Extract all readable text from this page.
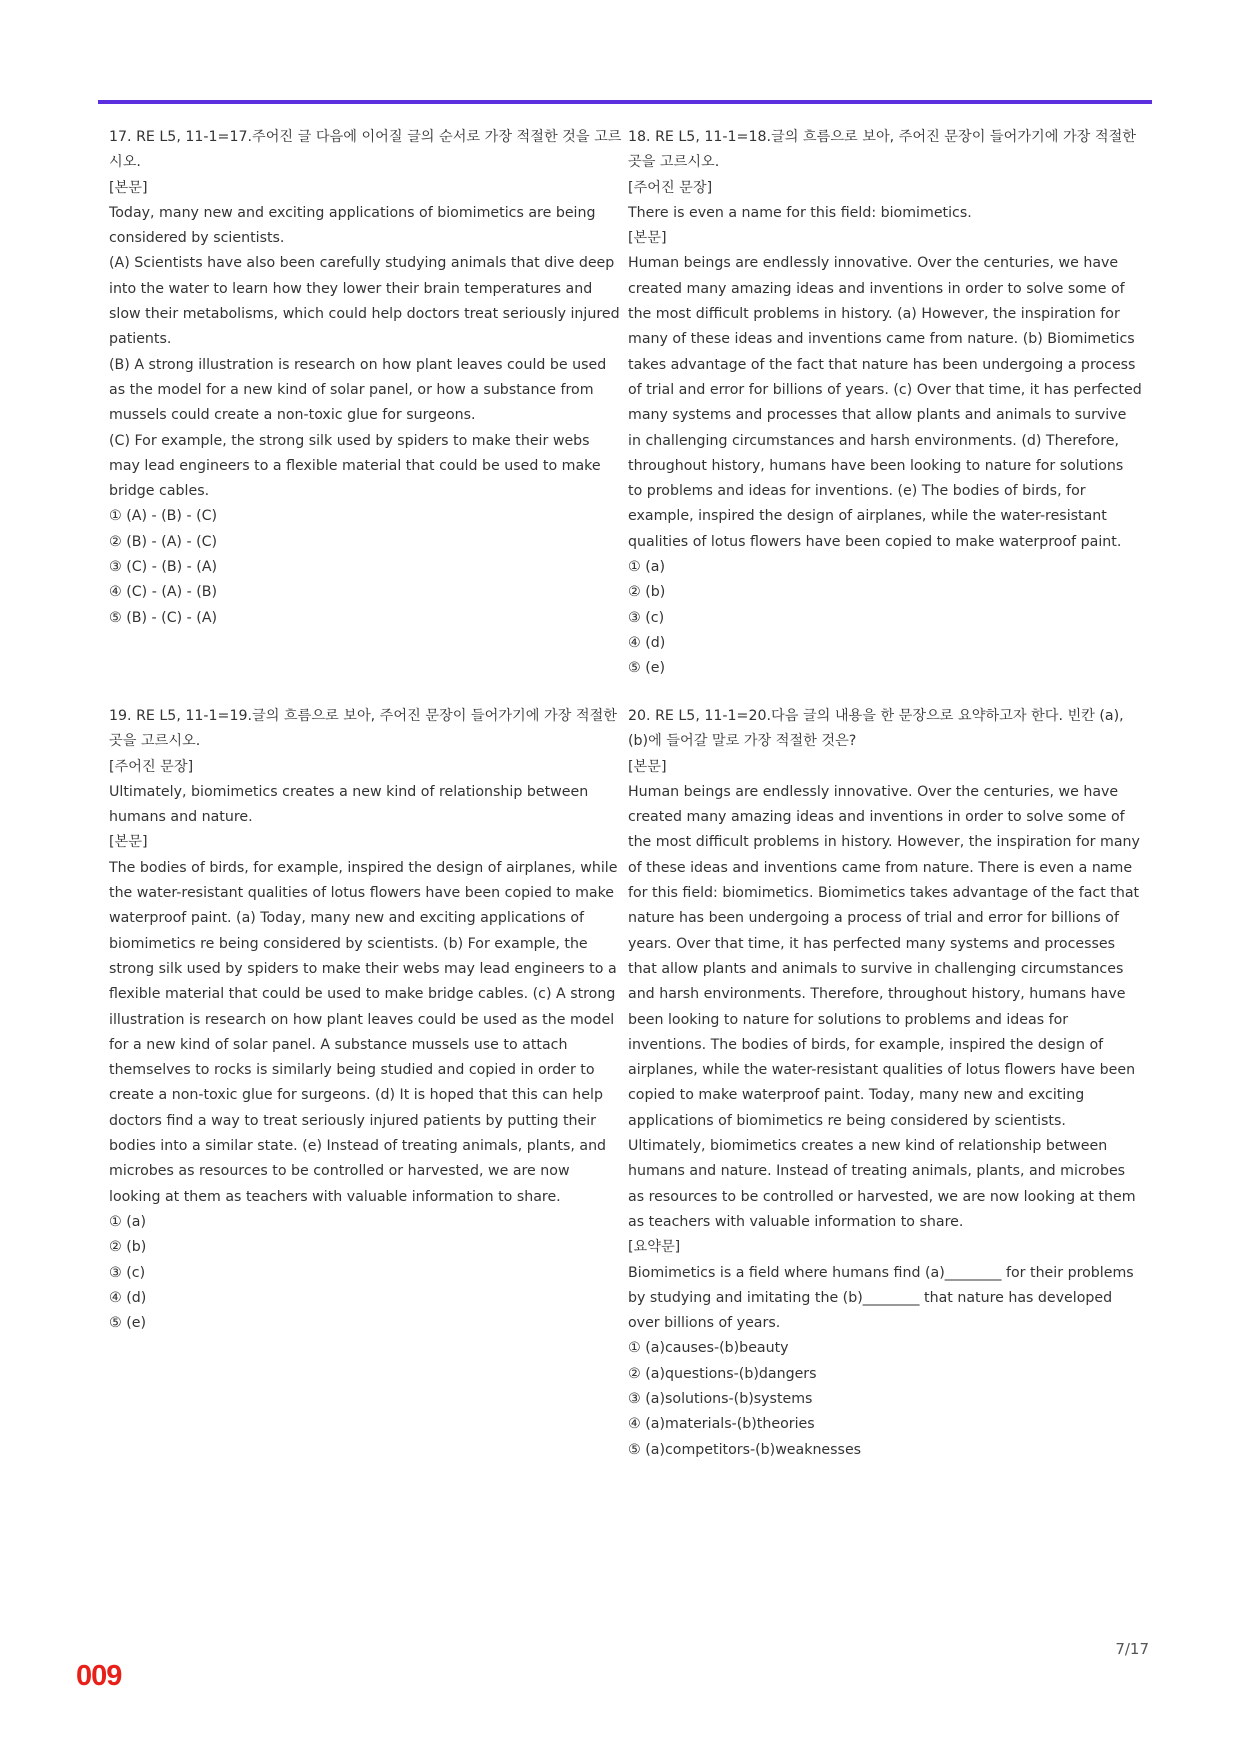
17. RE L5, 11-1=17.주어진 글 다음에 이어질 글의 순서로 가장 적절한 것을 고르시오.

[본문]

Today, many new and exciting applications of biomimetics are being considered by scientists.

(A) Scientists have also been carefully studying animals that dive deep into the water to learn how they lower their brain temperatures and slow their metabolisms, which could help doctors treat seriously injured patients.

(B) A strong illustration is research on how plant leaves could be used as the model for a new kind of solar panel, or how a substance from mussels could create a non-toxic glue for surgeons.

(C) For example, the strong silk used by spiders to make their webs may lead engineers to a flexible material that could be used to make bridge cables.

① (A) - (B) - (C)

② (B) - (A) - (C)

③ (C) - (B) - (A)

④ (C) - (A) - (B)

⑤ (B) - (C) - (A)

18. RE L5, 11-1=18.글의 흐름으로 보아, 주어진 문장이 들어가기에 가장 적절한 곳을 고르시오.

[주어진 문장]

There is even a name for this field: biomimetics.

[본문]

Human beings are endlessly innovative. Over the centuries, we have created many amazing ideas and inventions in order to solve some of the most difficult problems in history. (a) However, the inspiration for many of these ideas and inventions came from nature. (b) Biomimetics takes advantage of the fact that nature has been undergoing a process of trial and error for billions of years. (c) Over that time, it has perfected many systems and processes that allow plants and animals to survive in challenging circumstances and harsh environments. (d) Therefore, throughout history, humans have been looking to nature for solutions to problems and ideas for inventions. (e) The bodies of birds, for example, inspired the design of airplanes, while the water-resistant qualities of lotus flowers have been copied to make waterproof paint.

① (a)

② (b)

③ (c)

④ (d)

⑤ (e)

19. RE L5, 11-1=19.글의 흐름으로 보아, 주어진 문장이 들어가기에 가장 적절한 곳을 고르시오.

[주어진 문장]

Ultimately, biomimetics creates a new kind of relationship between humans and nature.

[본문]

The bodies of birds, for example, inspired the design of airplanes, while the water-resistant qualities of lotus flowers have been copied to make waterproof paint. (a) Today, many new and exciting applications of biomimetics re being considered by scientists. (b) For example, the strong silk used by spiders to make their webs may lead engineers to a flexible material that could be used to make bridge cables. (c) A strong illustration is research on how plant leaves could be used as the model for a new kind of solar panel. A substance mussels use to attach themselves to rocks is similarly being studied and copied in order to create a non-toxic glue for surgeons. (d) It is hoped that this can help doctors find a way to treat seriously injured patients by putting their bodies into a similar state. (e) Instead of treating animals, plants, and microbes as resources to be controlled or harvested, we are now looking at them as teachers with valuable information to share.

① (a)

② (b)

③ (c)

④ (d)

⑤ (e)

20. RE L5, 11-1=20.다음 글의 내용을 한 문장으로 요약하고자 한다. 빈칸 (a), (b)에 들어갈 말로 가장 적절한 것은?

[본문]

Human beings are endlessly innovative. Over the centuries, we have created many amazing ideas and inventions in order to solve some of the most difficult problems in history. However, the inspiration for many of these ideas and inventions came from nature. There is even a name for this field: biomimetics. Biomimetics takes advantage of the fact that nature has been undergoing a process of trial and error for billions of years. Over that time, it has perfected many systems and processes that allow plants and animals to survive in challenging circumstances and harsh environments. Therefore, throughout history, humans have been looking to nature for solutions to problems and ideas for inventions. The bodies of birds, for example, inspired the design of airplanes, while the water-resistant qualities of lotus flowers have been copied to make waterproof paint. Today, many new and exciting applications of biomimetics re being considered by scientists. Ultimately, biomimetics creates a new kind of relationship between humans and nature. Instead of treating animals, plants, and microbes as resources to be controlled or harvested, we are now looking at them as teachers with valuable information to share.

[요약문]

Biomimetics is a field where humans find (a)________ for their problems by studying and imitating the (b)________ that nature has developed over billions of years.

① (a)causes-(b)beauty

② (a)questions-(b)dangers

③ (a)solutions-(b)systems

④ (a)materials-(b)theories

⑤ (a)competitors-(b)weaknesses

7/17
009
